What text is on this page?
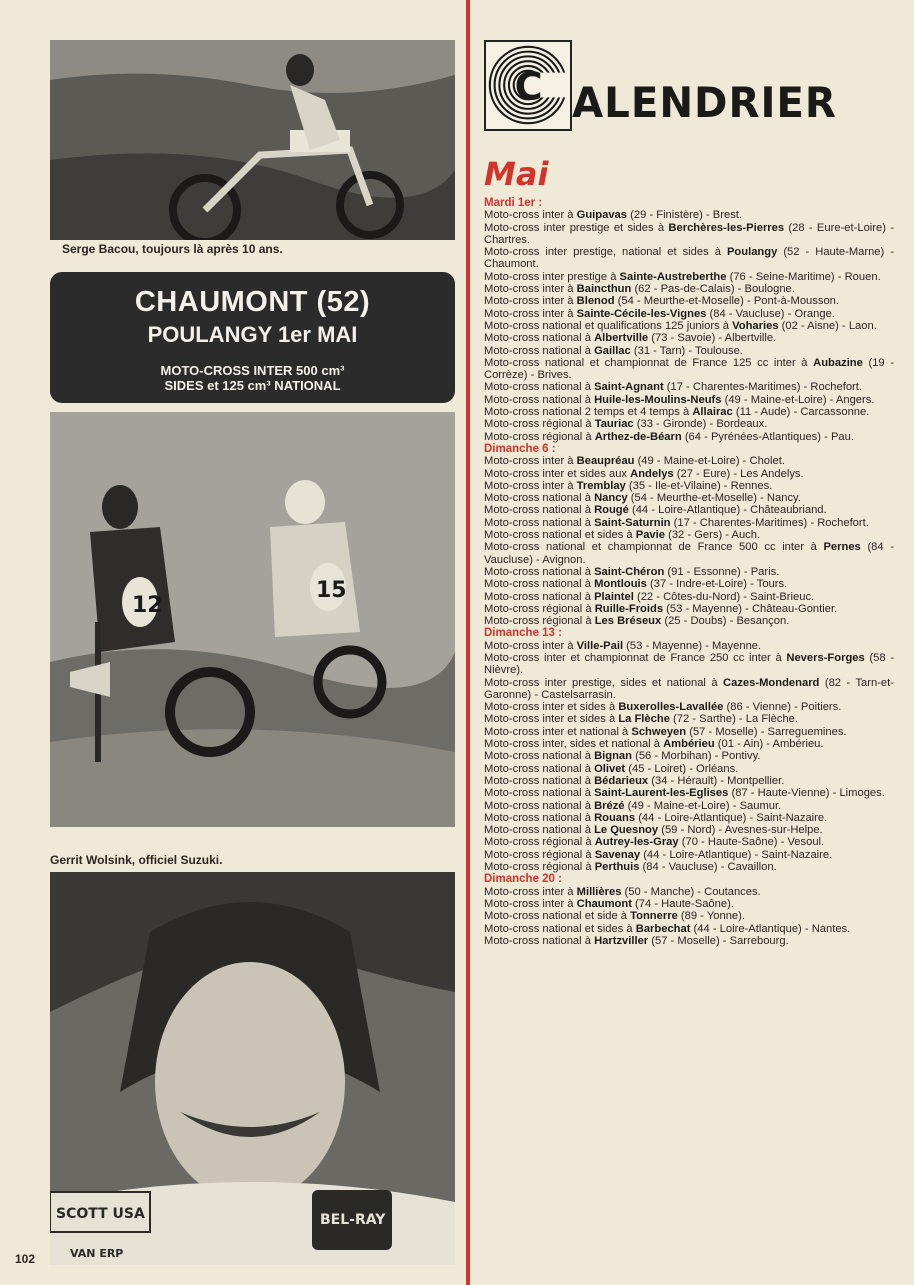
Serge Bacou, toujours là après 10 ans.
CHAUMONT (52)
POULANGY 1er MAI
MOTO-CROSS INTER 500 cm³
SIDES et 125 cm³ NATIONAL
12
15
Gerrit Wolsink, officiel Suzuki.
BEL-RAY
SCOTT USA
VAN ERP
102
C ALENDRIER
Mai
Mardi 1er :
Moto-cross inter à Guipavas (29 - Finistère) - Brest.
Moto-cross inter prestige et sides à Berchères-les-Pierres (28 - Eure-et-Loire) - Chartres.
Moto-cross inter prestige, national et sides à Poulangy (52 - Haute-Marne) - Chaumont.
Moto-cross inter prestige à Sainte-Austreberthe (76 - Seine-Maritime) - Rouen.
Moto-cross inter à Baincthun (62 - Pas-de-Calais) - Boulogne.
Moto-cross inter à Blenod (54 - Meurthe-et-Moselle) - Pont-à-Mousson.
Moto-cross inter à Sainte-Cécile-les-Vignes (84 - Vaucluse) - Orange.
Moto-cross national et qualifications 125 juniors à Voharies (02 - Aisne) - Laon.
Moto-cross national à Albertville (73 - Savoie) - Albertville.
Moto-cross national à Gaillac (31 - Tarn) - Toulouse.
Moto-cross national et championnat de France 125 cc inter à Aubazine (19 - Corrèze) - Brives.
Moto-cross national à Saint-Agnant (17 - Charentes-Maritimes) - Rochefort.
Moto-cross national à Huile-les-Moulins-Neufs (49 - Maine-et-Loire) - Angers.
Moto-cross national 2 temps et 4 temps à Allairac (11 - Aude) - Carcassonne.
Moto-cross régional à Tauriac (33 - Gironde) - Bordeaux.
Moto-cross régional à Arthez-de-Béarn (64 - Pyrénées-Atlantiques) - Pau.
Dimanche 6 :
Moto-cross inter à Beaupréau (49 - Maine-et-Loire) - Cholet.
Moto-cross inter et sides aux Andelys (27 - Eure) - Les Andelys.
Moto-cross inter à Tremblay (35 - Ile-et-Vilaine) - Rennes.
Moto-cross national à Nancy (54 - Meurthe-et-Moselle) - Nancy.
Moto-cross national à Rougé (44 - Loire-Atlantique) - Châteaubriand.
Moto-cross national à Saint-Saturnin (17 - Charentes-Maritimes) - Rochefort.
Moto-cross national et sides à Pavie (32 - Gers) - Auch.
Moto-cross national et championnat de France 500 cc inter à Pernes (84 - Vaucluse) - Avignon.
Moto-cross national à Saint-Chéron (91 - Essonne) - Paris.
Moto-cross national à Montlouis (37 - Indre-et-Loire) - Tours.
Moto-cross national à Plaintel (22 - Côtes-du-Nord) - Saint-Brieuc.
Moto-cross régional à Ruille-Froids (53 - Mayenne) - Château-Gontier.
Moto-cross régional à Les Bréseux (25 - Doubs) - Besançon.
Dimanche 13 :
Moto-cross inter à Ville-Pail (53 - Mayenne) - Mayenne.
Moto-cross inter et championnat de France 250 cc inter à Nevers-Forges (58 - Nièvre).
Moto-cross inter prestige, sides et national à Cazes-Mondenard (82 - Tarn-et-Garonne) - Castelsarrasin.
Moto-cross inter et sides à Buxerolles-Lavallée (86 - Vienne) - Poitiers.
Moto-cross inter et sides à La Flèche (72 - Sarthe) - La Flèche.
Moto-cross inter et national à Schweyen (57 - Moselle) - Sarreguemines.
Moto-cross inter, sides et national à Ambérieu (01 - Ain) - Ambérieu.
Moto-cross national à Bignan (56 - Morbihan) - Pontivy.
Moto-cross national à Olivet (45 - Loiret) - Orléans.
Moto-cross national à Bédarieux (34 - Hérault) - Montpellier.
Moto-cross national à Saint-Laurent-les-Eglises (87 - Haute-Vienne) - Limoges.
Moto-cross national à Brézé (49 - Maine-et-Loire) - Saumur.
Moto-cross national à Rouans (44 - Loire-Atlantique) - Saint-Nazaire.
Moto-cross national à Le Quesnoy (59 - Nord) - Avesnes-sur-Helpe.
Moto-cross régional à Autrey-les-Gray (70 - Haute-Saône) - Vesoul.
Moto-cross régional à Savenay (44 - Loire-Atlantique) - Saint-Nazaire.
Moto-cross régional à Perthuis (84 - Vaucluse) - Cavaillon.
Dimanche 20 :
Moto-cross inter à Millières (50 - Manche) - Coutances.
Moto-cross inter à Chaumont (74 - Haute-Saône).
Moto-cross national et side à Tonnerre (89 - Yonne).
Moto-cross national et sides à Barbechat (44 - Loire-Atlantique) - Nantes.
Moto-cross national à Hartzviller (57 - Moselle) - Sarrebourg.
